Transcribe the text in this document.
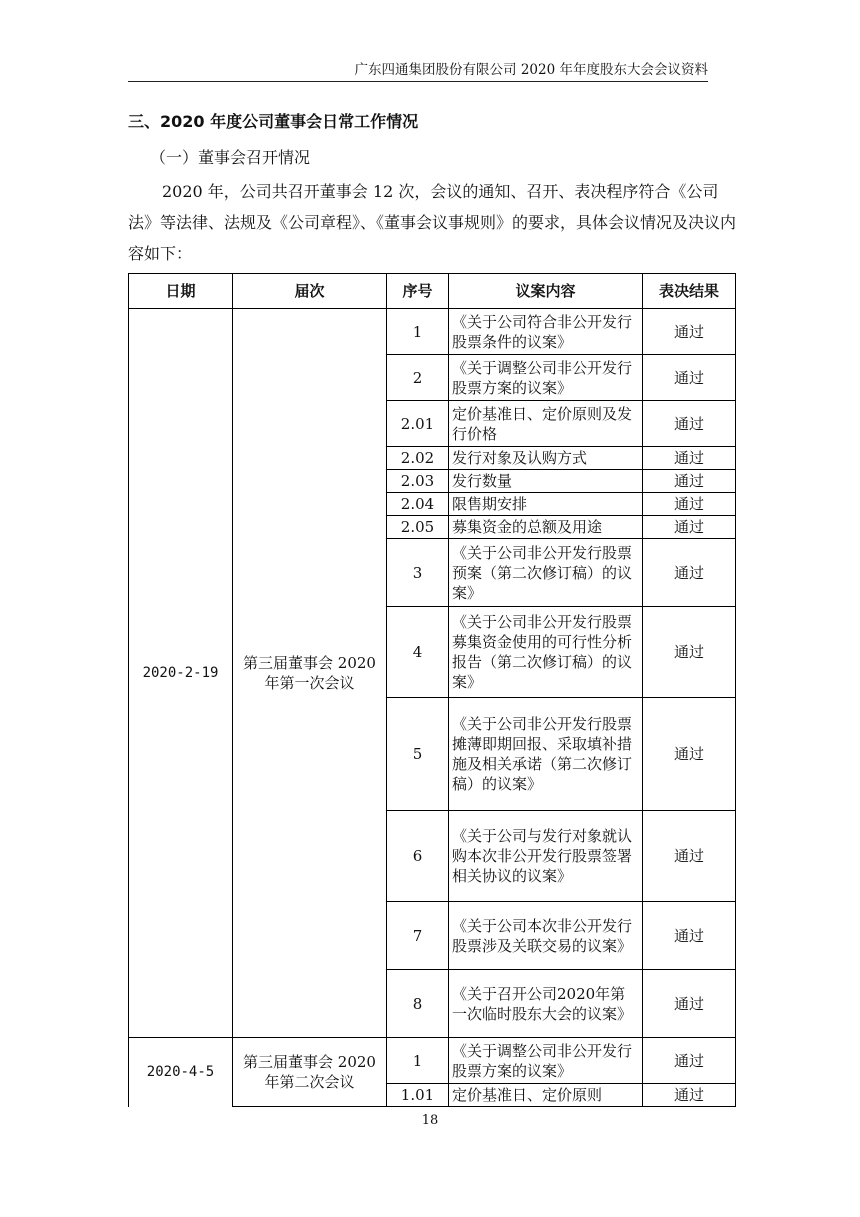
广东四通集团股份有限公司 2020 年年度股东大会会议资料
三、2020 年度公司董事会日常工作情况
（一）董事会召开情况
2020 年，公司共召开董事会 12 次，会议的通知、召开、表决程序符合《公司法》等法律、法规及《公司章程》、《董事会议事规则》的要求，具体会议情况及决议内容如下：
日期	届次	序号	议案内容	表决结果
2020-2-19	第三届董事会 2020 年第一次会议	1	《关于公司符合非公开发行股票条件的议案》	通过
		2	《关于调整公司非公开发行股票方案的议案》	通过
		2.01	定价基准日、定价原则及发行价格	通过
		2.02	发行对象及认购方式	通过
		2.03	发行数量	通过
		2.04	限售期安排	通过
		2.05	募集资金的总额及用途	通过
		3	《关于公司非公开发行股票预案（第二次修订稿）的议案》	通过
		4	《关于公司非公开发行股票募集资金使用的可行性分析报告（第二次修订稿）的议案》	通过
		5	《关于公司非公开发行股票摊薄即期回报、采取填补措施及相关承诺（第二次修订稿）的议案》	通过
		6	《关于公司与发行对象就认购本次非公开发行股票签署相关协议的议案》	通过
		7	《关于公司本次非公开发行股票涉及关联交易的议案》	通过
		8	《关于召开公司2020年第一次临时股东大会的议案》	通过
2020-4-5	第三届董事会 2020 年第二次会议	1	《关于调整公司非公开发行股票方案的议案》	通过
		1.01	定价基准日、定价原则	通过
18
